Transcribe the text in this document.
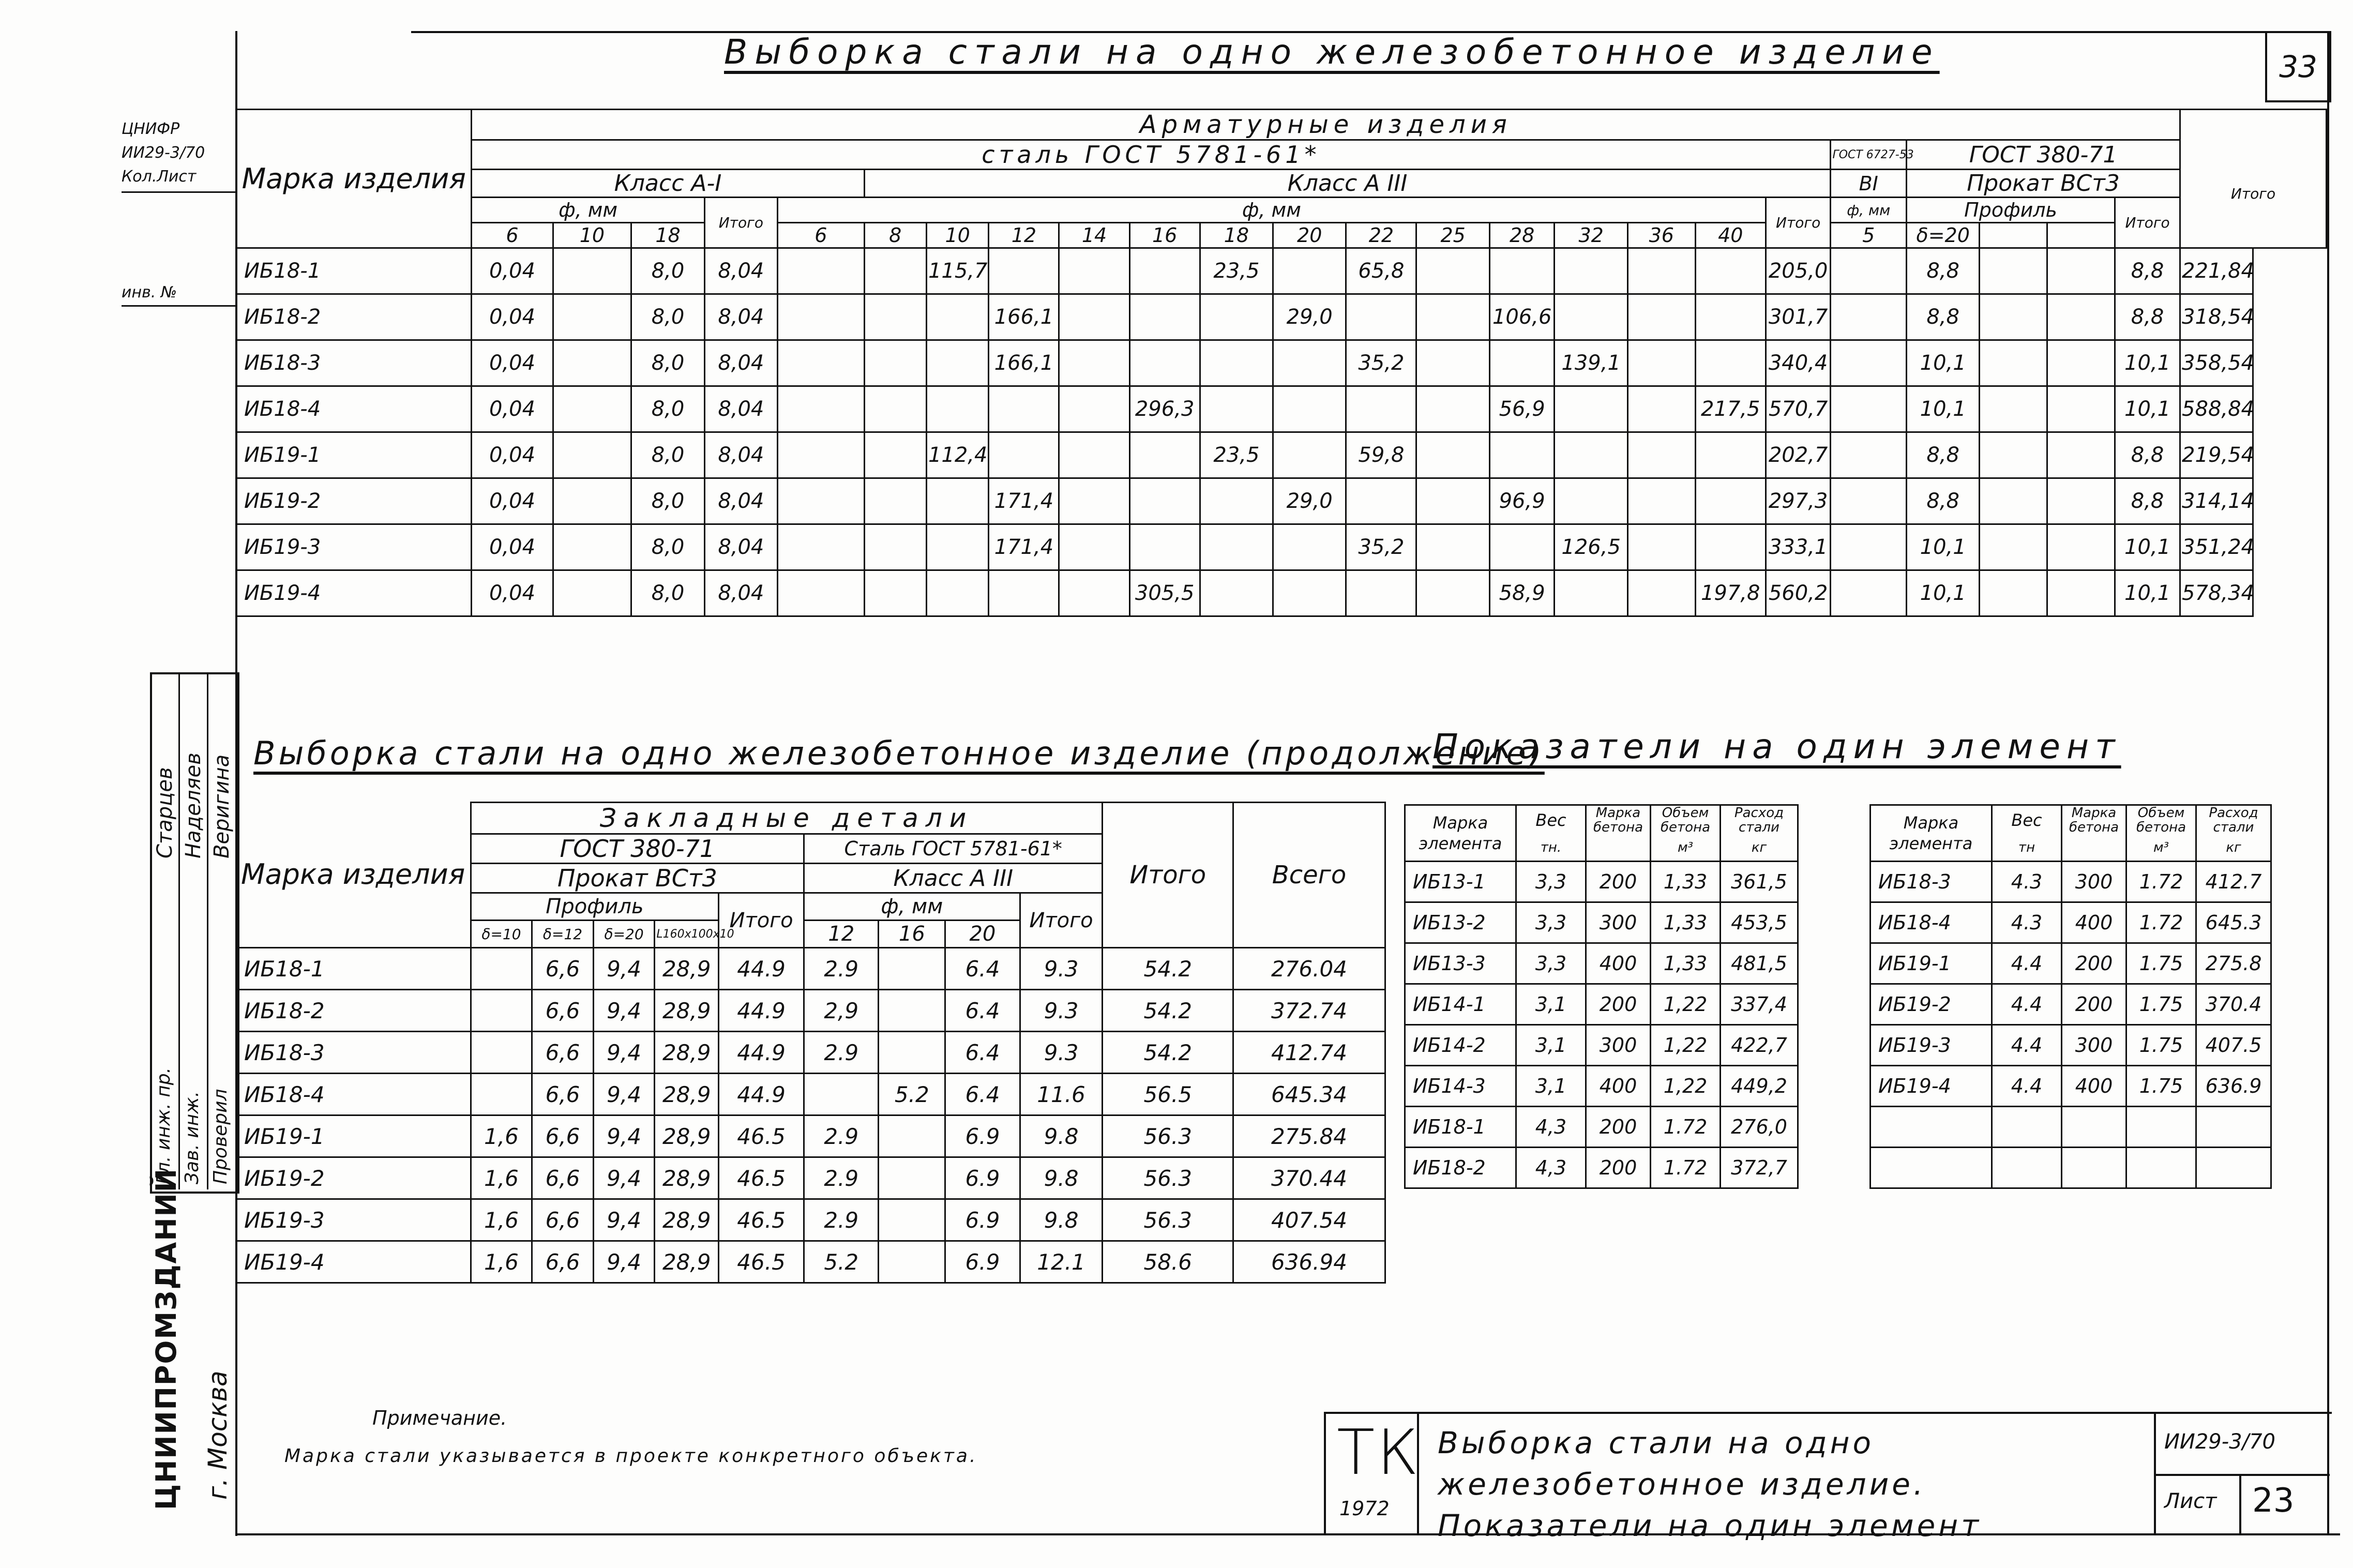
33
Выборка стали на одно железобетонное изделие
ЦНИФР
ИИ29-3/70
Кол.Лист
инв. №
Гл. инж. пр. Зав. инж. Проверил
Старцев Наделяев Веригина
ЦНИИПРОМЗДАНИЙ г. Москва
Марка изделия	Арматурные изделия																								
	сталь ГОСТ 5781-61*																			ГОСТ 6727-53	ГОСТ 380-71				Итого
	Класс А-I					Класс А III														ВI	Прокат ВСт3				
	ф, мм			Итого	ф, мм														Итого	ф, мм	Профиль			Итого	
	6	10	18		6	8	10	12	14	16	18	20	22	25	28	32	36	40		5	δ=20				
ИБ18-1	0,04		8,0	8,04			115,7				23,5		65,8						205,0		8,8			8,8	221,84
ИБ18-2	0,04		8,0	8,04				166,1				29,0			106,6				301,7		8,8			8,8	318,54
ИБ18-3	0,04		8,0	8,04				166,1					35,2			139,1			340,4		10,1			10,1	358,54
ИБ18-4	0,04		8,0	8,04						296,3					56,9			217,5	570,7		10,1			10,1	588,84
ИБ19-1	0,04		8,0	8,04			112,4				23,5		59,8						202,7		8,8			8,8	219,54
ИБ19-2	0,04		8,0	8,04				171,4				29,0			96,9				297,3		8,8			8,8	314,14
ИБ19-3	0,04		8,0	8,04				171,4					35,2			126,5			333,1		10,1			10,1	351,24
ИБ19-4	0,04		8,0	8,04						305,5					58,9			197,8	560,2		10,1			10,1	578,34
Выборка стали на одно железобетонное изделие (продолжение)
Показатели на один элемент
Марка изделия	Закладные детали									Итого	Всего
	ГОСТ 380-71					Сталь ГОСТ 5781-61*					
	Прокат ВСт3					Класс А III					
	Профиль				Итого	ф, мм			Итого		
	δ=10	δ=12	δ=20	L160x100x10		12	16	20			
ИБ18-1		6,6	9,4	28,9	44.9	2.9		6.4	9.3	54.2	276.04
ИБ18-2		6,6	9,4	28,9	44.9	2,9		6.4	9.3	54.2	372.74
ИБ18-3		6,6	9,4	28,9	44.9	2.9		6.4	9.3	54.2	412.74
ИБ18-4		6,6	9,4	28,9	44.9		5.2	6.4	11.6	56.5	645.34
ИБ19-1	1,6	6,6	9,4	28,9	46.5	2.9		6.9	9.8	56.3	275.84
ИБ19-2	1,6	6,6	9,4	28,9	46.5	2.9		6.9	9.8	56.3	370.44
ИБ19-3	1,6	6,6	9,4	28,9	46.5	2.9		6.9	9.8	56.3	407.54
ИБ19-4	1,6	6,6	9,4	28,9	46.5	5.2		6.9	12.1	58.6	636.94
Марка элемента	Вес	Марка бетона	Объем бетона	Расход стали
	тн.		м³	кг
ИБ13-1	3,3	200	1,33	361,5
ИБ13-2	3,3	300	1,33	453,5
ИБ13-3	3,3	400	1,33	481,5
ИБ14-1	3,1	200	1,22	337,4
ИБ14-2	3,1	300	1,22	422,7
ИБ14-3	3,1	400	1,22	449,2
ИБ18-1	4,3	200	1.72	276,0
ИБ18-2	4,3	200	1.72	372,7
Марка элемента	Вес	Марка бетона	Объем бетона	Расход стали
	тн		м³	кг
ИБ18-3	4.3	300	1.72	412.7
ИБ18-4	4.3	400	1.72	645.3
ИБ19-1	4.4	200	1.75	275.8
ИБ19-2	4.4	200	1.75	370.4
ИБ19-3	4.4	300	1.75	407.5
ИБ19-4	4.4	400	1.75	636.9

Примечание.
Марка стали указывается в проекте конкретного объекта.	ТК
1972
Выборка стали на одно железобетонное изделие. Показатели на один элемент
ИИ29-3/70
Лист 23
